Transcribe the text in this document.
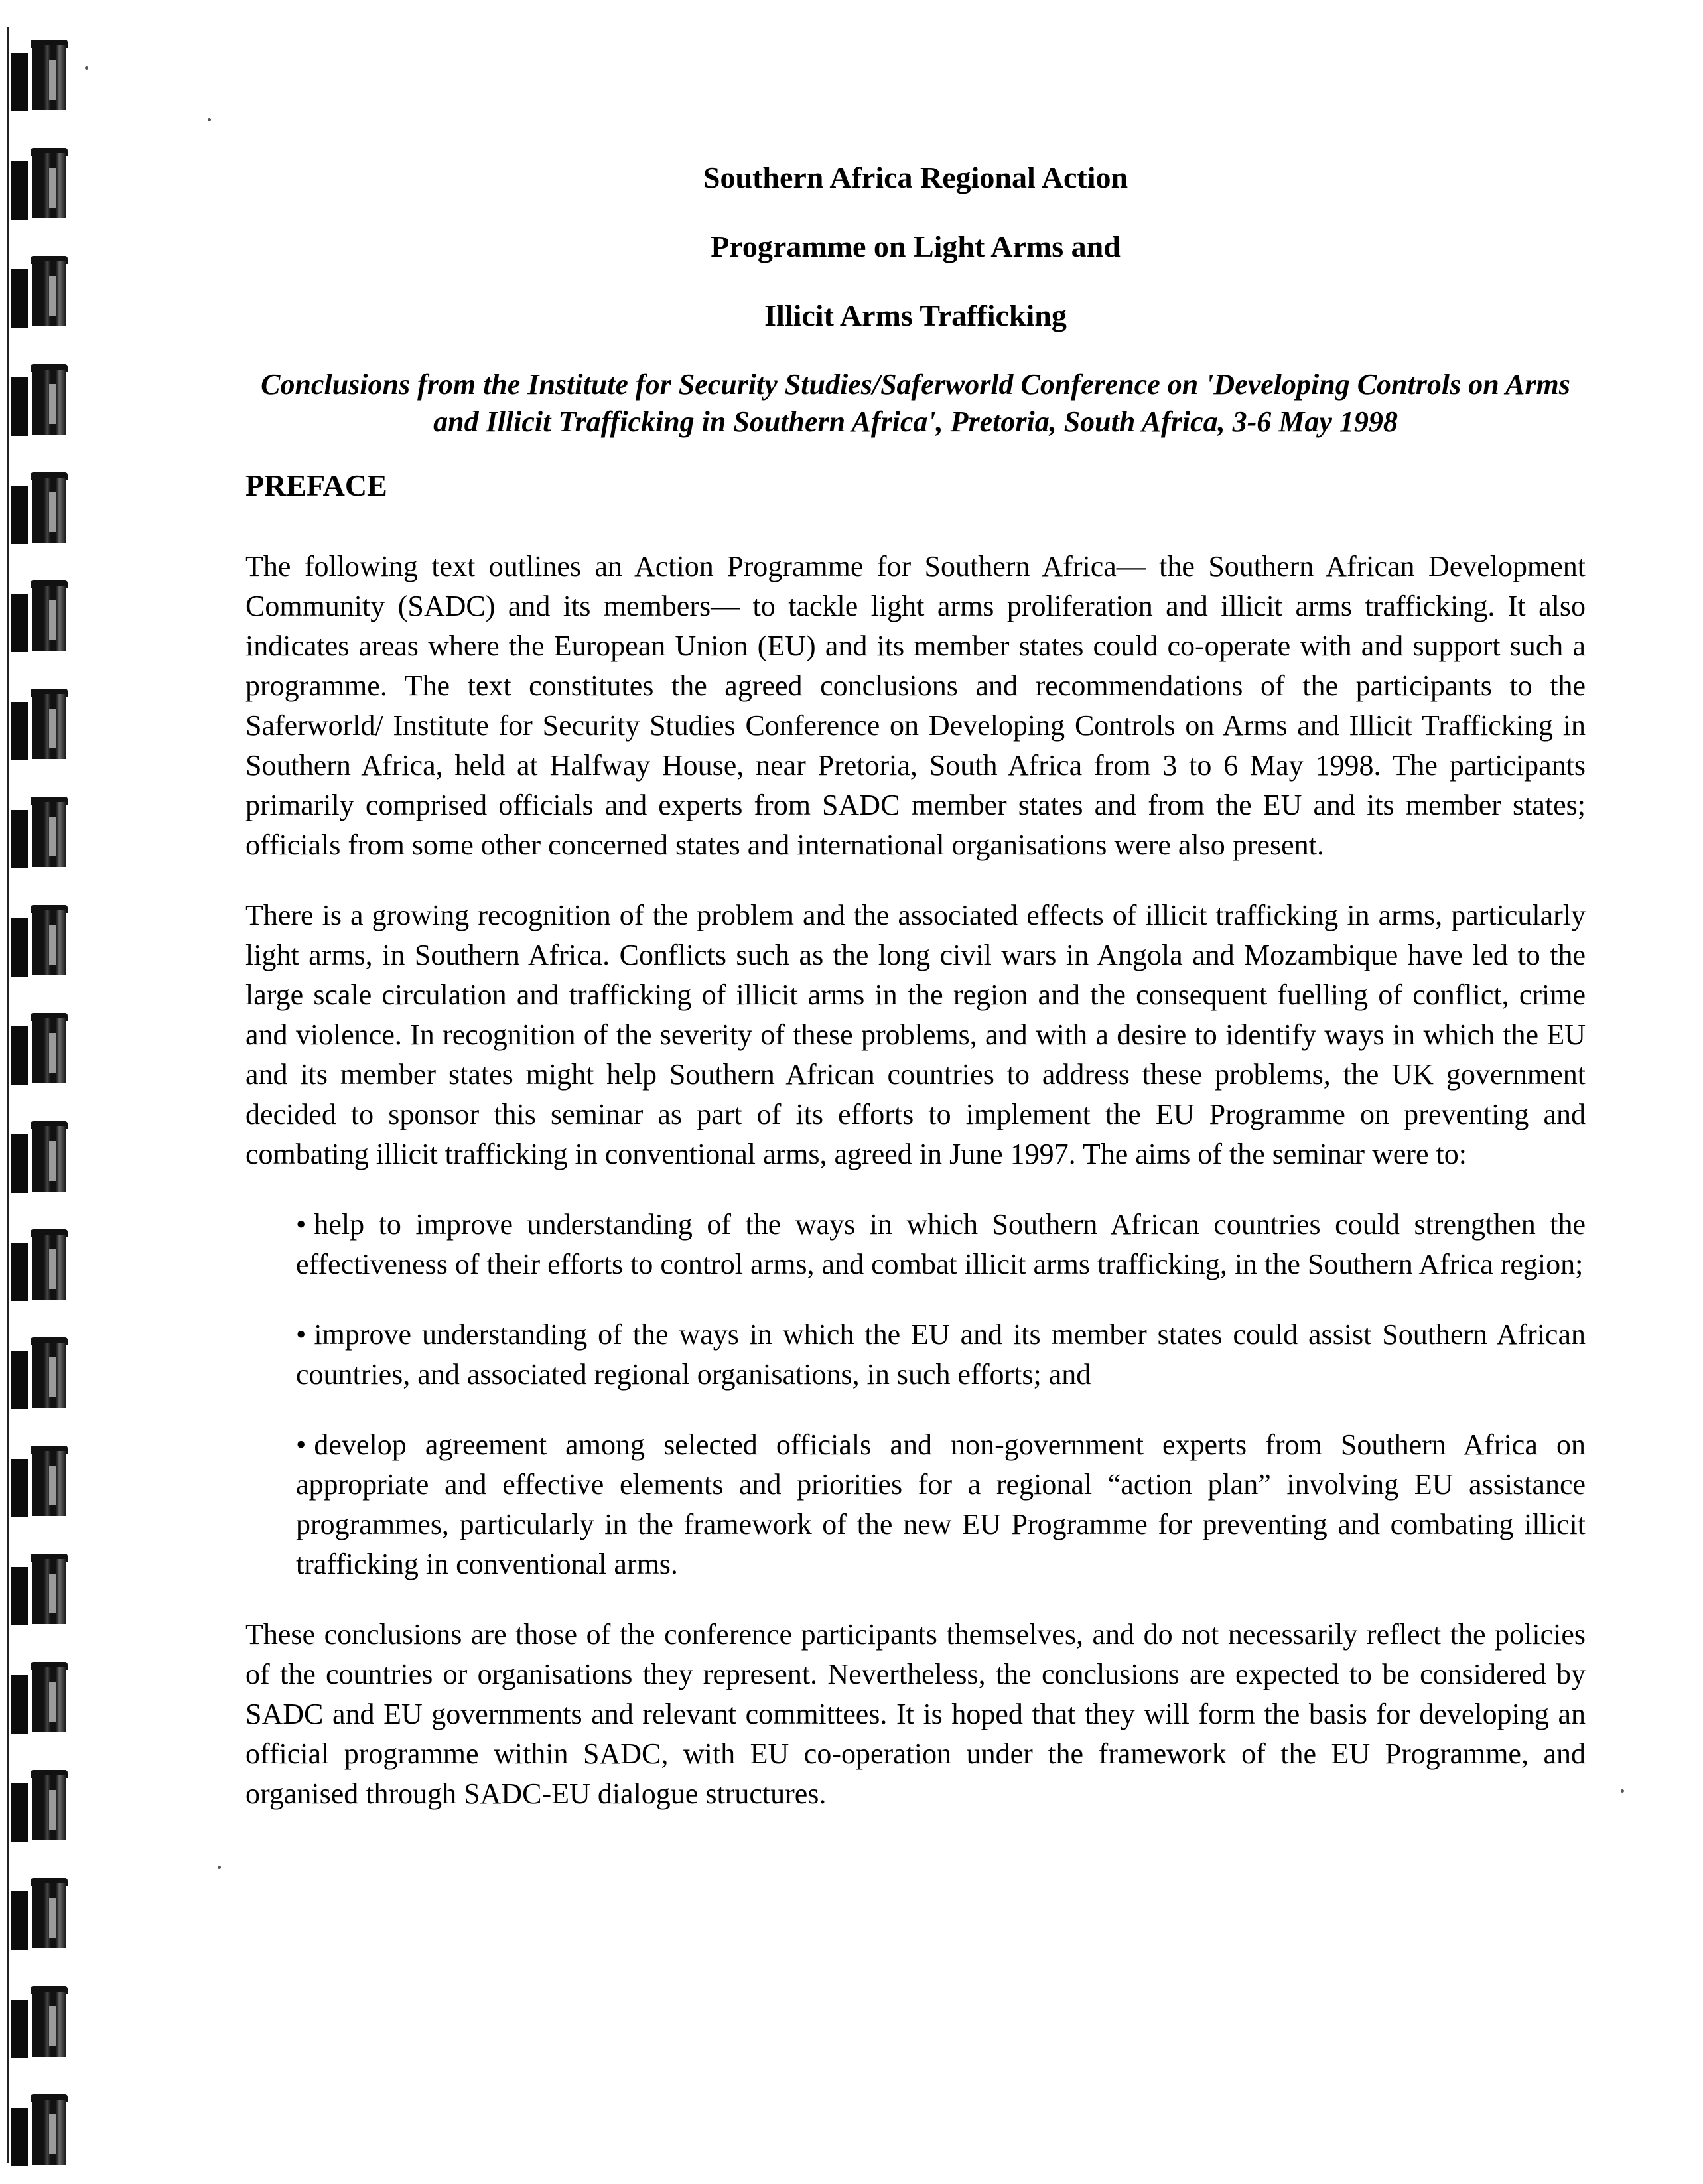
Southern Africa Regional Action
Programme on Light Arms and
Illicit Arms Trafficking
Conclusions from the Institute for Security Studies/Saferworld Conference on 'Developing Controls on Arms and Illicit Trafficking in Southern Africa', Pretoria, South Africa, 3-6 May 1998
PREFACE

The following text outlines an Action Programme for Southern Africa— the Southern African Development Community (SADC) and its members— to tackle light arms proliferation and illicit arms trafficking. It also indicates areas where the European Union (EU) and its member states could co-operate with and support such a programme. The text constitutes the agreed conclusions and recommendations of the participants to the Saferworld/ Institute for Security Studies Conference on Developing Controls on Arms and Illicit Trafficking in Southern Africa, held at Halfway House, near Pretoria, South Africa from 3 to 6 May 1998. The participants primarily comprised officials and experts from SADC member states and from the EU and its member states; officials from some other concerned states and international organisations were also present.

There is a growing recognition of the problem and the associated effects of illicit trafficking in arms, particularly light arms, in Southern Africa. Conflicts such as the long civil wars in Angola and Mozambique have led to the large scale circulation and trafficking of illicit arms in the region and the consequent fuelling of conflict, crime and violence. In recognition of the severity of these problems, and with a desire to identify ways in which the EU and its member states might help Southern African countries to address these problems, the UK government decided to sponsor this seminar as part of its efforts to implement the EU Programme on preventing and combating illicit trafficking in conventional arms, agreed in June 1997. The aims of the seminar were to:

• help to improve understanding of the ways in which Southern African countries could strengthen the effectiveness of their efforts to control arms, and combat illicit arms trafficking, in the Southern Africa region;

• improve understanding of the ways in which the EU and its member states could assist Southern African countries, and associated regional organisations, in such efforts; and

• develop agreement among selected officials and non-government experts from Southern Africa on appropriate and effective elements and priorities for a regional “action plan” involving EU assistance programmes, particularly in the framework of the new EU Programme for preventing and combating illicit trafficking in conventional arms.

These conclusions are those of the conference participants themselves, and do not necessarily reflect the policies of the countries or organisations they represent. Nevertheless, the conclusions are expected to be considered by SADC and EU governments and relevant committees. It is hoped that they will form the basis for developing an official programme within SADC, with EU co-operation under the framework of the EU Programme, and organised through SADC-EU dialogue structures.
